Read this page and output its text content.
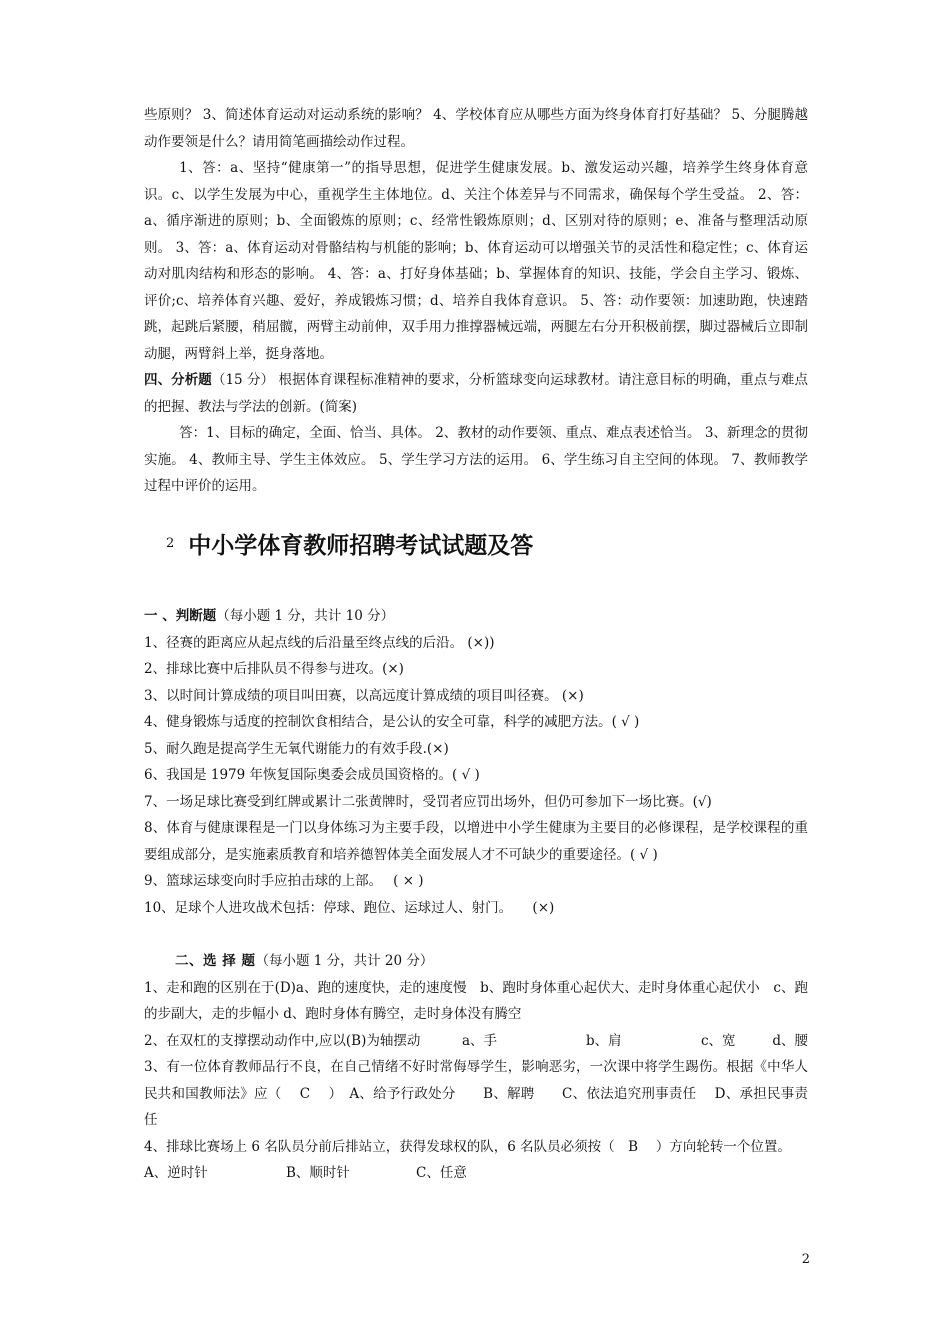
些原则？ 3、简述体育运动对运动系统的影响？ 4、学校体育应从哪些方面为终身体育打好基础？ 5、分腿腾越动作要领是什么？请用简笔画描绘动作过程。

1、答：a、坚持“健康第一”的指导思想，促进学生健康发展。b、激发运动兴趣，培养学生终身体育意识。c、以学生发展为中心，重视学生主体地位。d、关注个体差异与不同需求，确保每个学生受益。 2、答：a、循序渐进的原则；b、全面锻炼的原则；c、经常性锻炼原则；d、区别对待的原则；e、准备与整理活动原则。 3、答：a、体育运动对骨骼结构与机能的影响；b、体育运动可以增强关节的灵活性和稳定性；c、体育运动对肌肉结构和形态的影响。 4、答：a、打好身体基础；b、掌握体育的知识、技能，学会自主学习、锻炼、评价;c、培养体育兴趣、爱好，养成锻炼习惯；d、培养自我体育意识。 5、答：动作要领：加速助跑，快速踏跳，起跳后紧腰，稍屈髋，两臂主动前伸，双手用力推撑器械远端，两腿左右分开积极前摆，脚过器械后立即制动腿，两臂斜上举，挺身落地。

四、分析题（15 分） 根据体育课程标准精神的要求，分析篮球变向运球教材。请注意目标的明确，重点与难点的把握、教法与学法的创新。(简案)

答：1、目标的确定，全面、恰当、具体。 2、教材的动作要领、重点、难点表述恰当。 3、新理念的贯彻实施。 4、教师主导、学生主体效应。 5、学生学习方法的运用。 6、学生练习自主空间的体现。 7、教师教学过程中评价的运用。

$^2$ 中小学体育教师招聘考试试题及答

一 、判断题（每小题 1 分，共计 10 分）

1、径赛的距离应从起点线的后沿量至终点线的后沿。 (×))

2、排球比赛中后排队员不得参与进攻。(×)

3、以时间计算成绩的项目叫田赛，以高远度计算成绩的项目叫径赛。 (×)

4、健身锻炼与适度的控制饮食相结合，是公认的安全可靠，科学的减肥方法。( √ )

5、耐久跑是提高学生无氧代谢能力的有效手段.(×)

6、我国是 1979 年恢复国际奥委会成员国资格的。( √ )

7、一场足球比赛受到红牌或累计二张黄牌时，受罚者应罚出场外，但仍可参加下一场比赛。(√)

8、体育与健康课程是一门以身体练习为主要手段，以增进中小学生健康为主要目的必修课程，是学校课程的重要组成部分，是实施素质教育和培养德智体美全面发展人才不可缺少的重要途径。( √ )

9、篮球运球变向时手应拍击球的上部。　 ( × )

10、足球个人进攻战术包括：停球、跑位、运球过人、射门。　　(×)

二、选 择 题（每小题 1 分，共计 20 分）

1、走和跑的区别在于(D)a、跑的速度快，走的速度慢　b、跑时身体重心起伏大、走时身体重心起伏小　c、跑的步副大，走的步幅小 d、跑时身体有腾空，走时身体没有腾空

2、在双杠的支撑摆动动作中,应以(B)为轴摆动	a、手	b、肩	c、宽	d、腰

3、有一位体育教师品行不良，在自己情绪不好时常侮辱学生，影响恶劣，一次课中将学生踢伤。根据《中华人民共和国教师法》应（　 C　 ）　A、给予行政处分　　B、解聘　　C、依法追究刑事责任　 D、承担民事责任

4、排球比赛场上 6 名队员分前后排站立，获得发球权的队，6 名队员必须按（　B　 ）方向轮转一个位置。

A、逆时针	B、顺时针	C、任意
2
